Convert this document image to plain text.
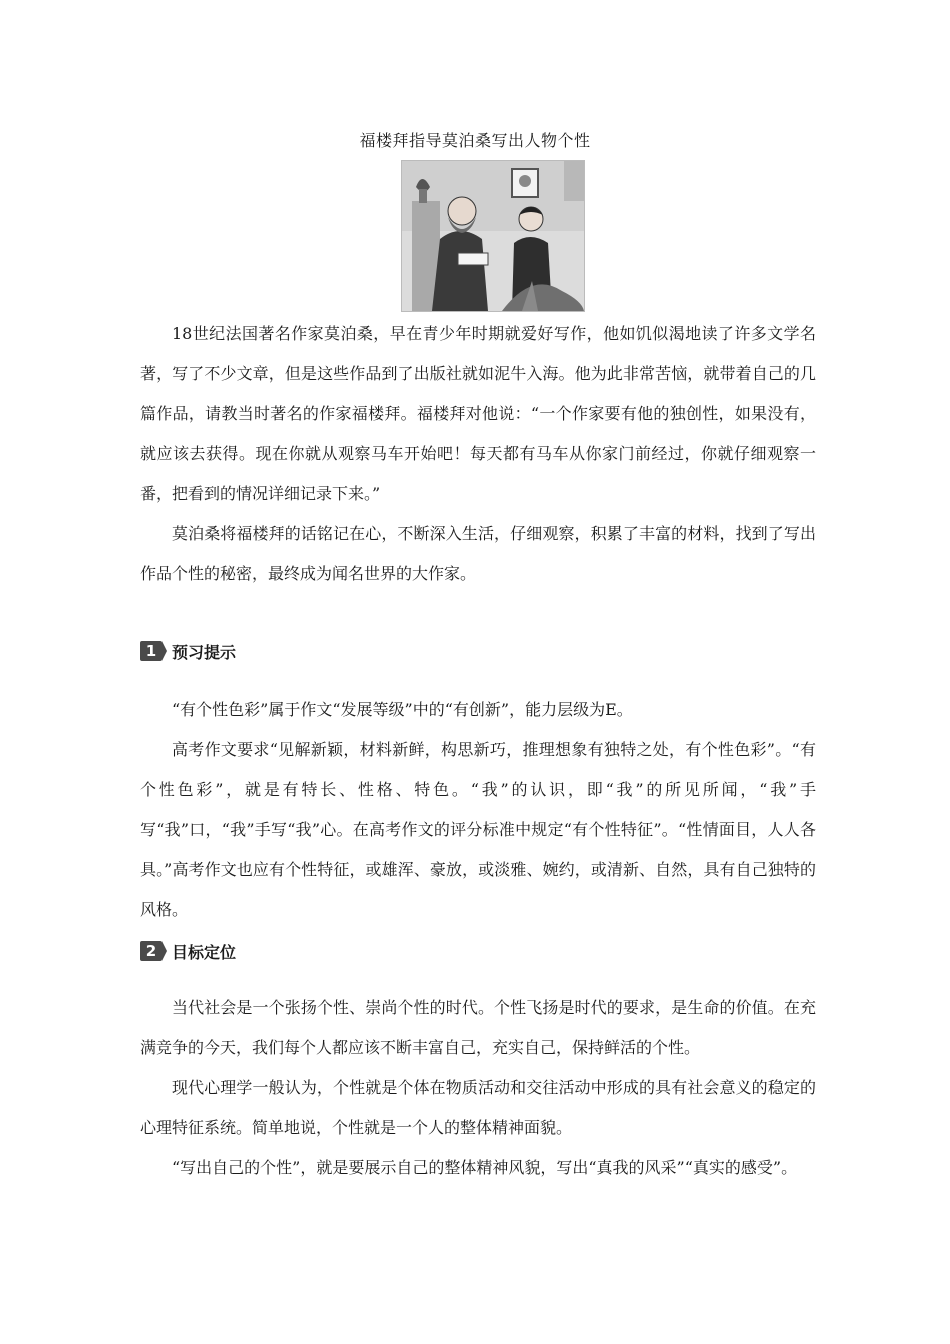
福楼拜指导莫泊桑写出人物个性

18世纪法国著名作家莫泊桑，早在青少年时期就爱好写作，他如饥似渴地读了许多文学名著，写了不少文章，但是这些作品到了出版社就如泥牛入海。他为此非常苦恼，就带着自己的几篇作品，请教当时著名的作家福楼拜。福楼拜对他说：“一个作家要有他的独创性，如果没有，就应该去获得。现在你就从观察马车开始吧！每天都有马车从你家门前经过，你就仔细观察一番，把看到的情况详细记录下来。”

莫泊桑将福楼拜的话铭记在心，不断深入生活，仔细观察，积累了丰富的材料，找到了写出作品个性的秘密，最终成为闻名世界的大作家。

1 预习提示

“有个性色彩”属于作文“发展等级”中的“有创新”，能力层级为E。

高考作文要求“见解新颖，材料新鲜，构思新巧，推理想象有独特之处，有个性色彩”。“有个性色彩”，就是有特长、性格、特色。“我”的认识，即“我”的所见所闻，“我”手写“我”口，“我”手写“我”心。在高考作文的评分标准中规定“有个性特征”。“性情面目，人人各具。”高考作文也应有个性特征，或雄浑、豪放，或淡雅、婉约，或清新、自然，具有自己独特的风格。

2 目标定位

当代社会是一个张扬个性、崇尚个性的时代。个性飞扬是时代的要求，是生命的价值。在充满竞争的今天，我们每个人都应该不断丰富自己，充实自己，保持鲜活的个性。

现代心理学一般认为，个性就是个体在物质活动和交往活动中形成的具有社会意义的稳定的心理特征系统。简单地说，个性就是一个人的整体精神面貌。

“写出自己的个性”，就是要展示自己的整体精神风貌，写出“真我的风采”“真实的感受”。
